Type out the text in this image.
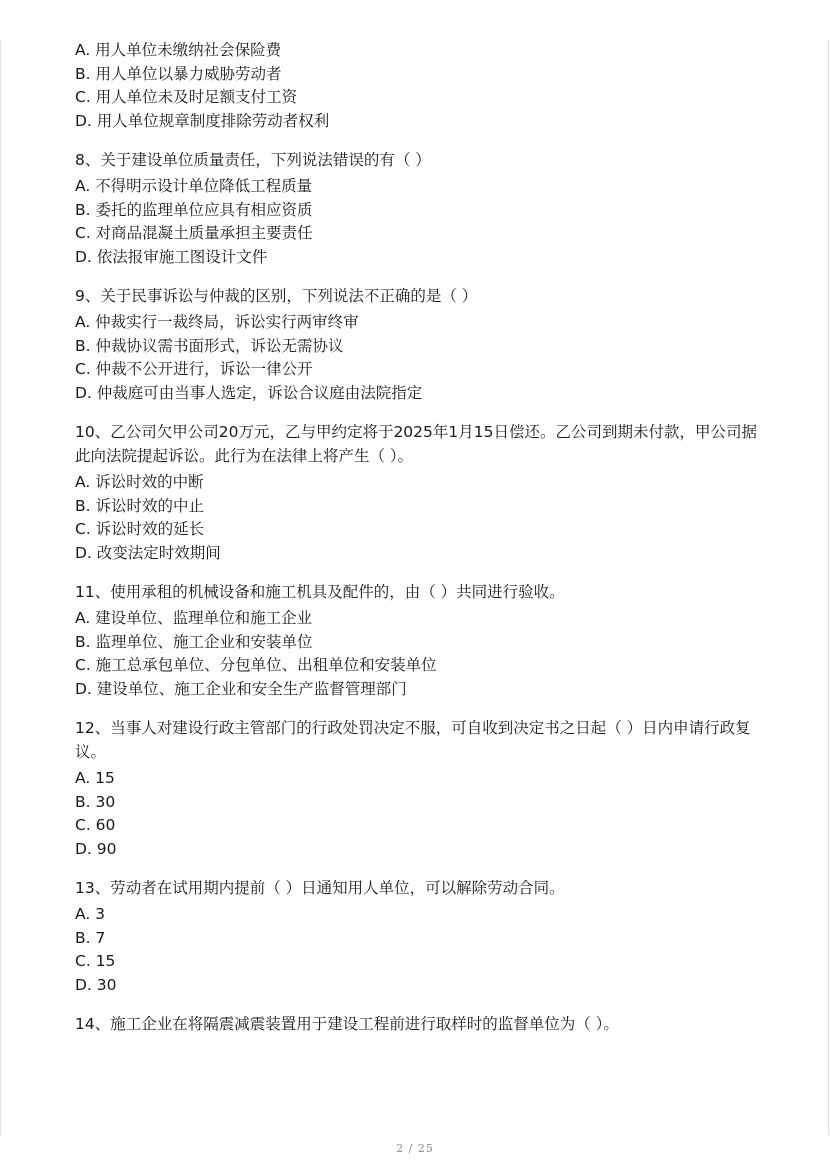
A. 用人单位未缴纳社会保险费
B. 用人单位以暴力威胁劳动者
C. 用人单位未及时足额支付工资
D. 用人单位规章制度排除劳动者权利
8、关于建设单位质量责任，下列说法错误的有（ ）
A. 不得明示设计单位降低工程质量
B. 委托的监理单位应具有相应资质
C. 对商品混凝土质量承担主要责任
D. 依法报审施工图设计文件
9、关于民事诉讼与仲裁的区别，下列说法不正确的是（ ）
A. 仲裁实行一裁终局，诉讼实行两审终审
B. 仲裁协议需书面形式，诉讼无需协议
C. 仲裁不公开进行，诉讼一律公开
D. 仲裁庭可由当事人选定，诉讼合议庭由法院指定
10、乙公司欠甲公司20万元，乙与甲约定将于2025年1月15日偿还。乙公司到期未付款，甲公司据此向法院提起诉讼。此行为在法律上将产生（ ）。
A. 诉讼时效的中断
B. 诉讼时效的中止
C. 诉讼时效的延长
D. 改变法定时效期间
11、使用承租的机械设备和施工机具及配件的，由（ ）共同进行验收。
A. 建设单位、监理单位和施工企业
B. 监理单位、施工企业和安装单位
C. 施工总承包单位、分包单位、出租单位和安装单位
D. 建设单位、施工企业和安全生产监督管理部门
12、当事人对建设行政主管部门的行政处罚决定不服，可自收到决定书之日起（ ）日内申请行政复议。
A. 15
B. 30
C. 60
D. 90
13、劳动者在试用期内提前（ ）日通知用人单位，可以解除劳动合同。
A. 3
B. 7
C. 15
D. 30
14、施工企业在将隔震减震装置用于建设工程前进行取样时的监督单位为（ ）。
2 / 25
